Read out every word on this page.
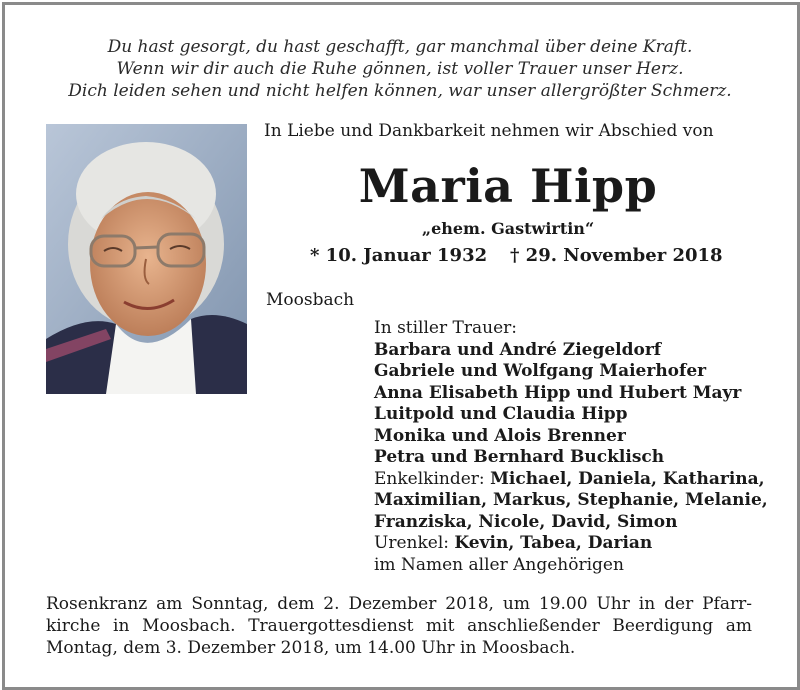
Du hast gesorgt, du hast geschafft, gar manchmal über deine Kraft.
Wenn wir dir auch die Ruhe gönnen, ist voller Trauer unser Herz.
Dich leiden sehen und nicht helfen können, war unser allergrößter Schmerz.
In Liebe und Dankbarkeit nehmen wir Abschied von
Maria Hipp
„ehem. Gastwirtin“
* 10. Januar 1932 † 29. November 2018
Moosbach
In stiller Trauer:
Barbara und André Ziegeldorf
Gabriele und Wolfgang Maierhofer
Anna Elisabeth Hipp und Hubert Mayr
Luitpold und Claudia Hipp
Monika und Alois Brenner
Petra und Bernhard Bucklisch
Enkelkinder: Michael, Daniela, Katharina,
Maximilian, Markus, Stephanie, Melanie,
Franziska, Nicole, David, Simon
Urenkel: Kevin, Tabea, Darian
im Namen aller Angehörigen
Rosenkranz am Sonntag, dem 2. Dezember 2018, um 19.00 Uhr in der Pfarr-
kirche in Moosbach. Trauergottesdienst mit anschließender Beerdigung am
Montag, dem 3. Dezember 2018, um 14.00 Uhr in Moosbach.
